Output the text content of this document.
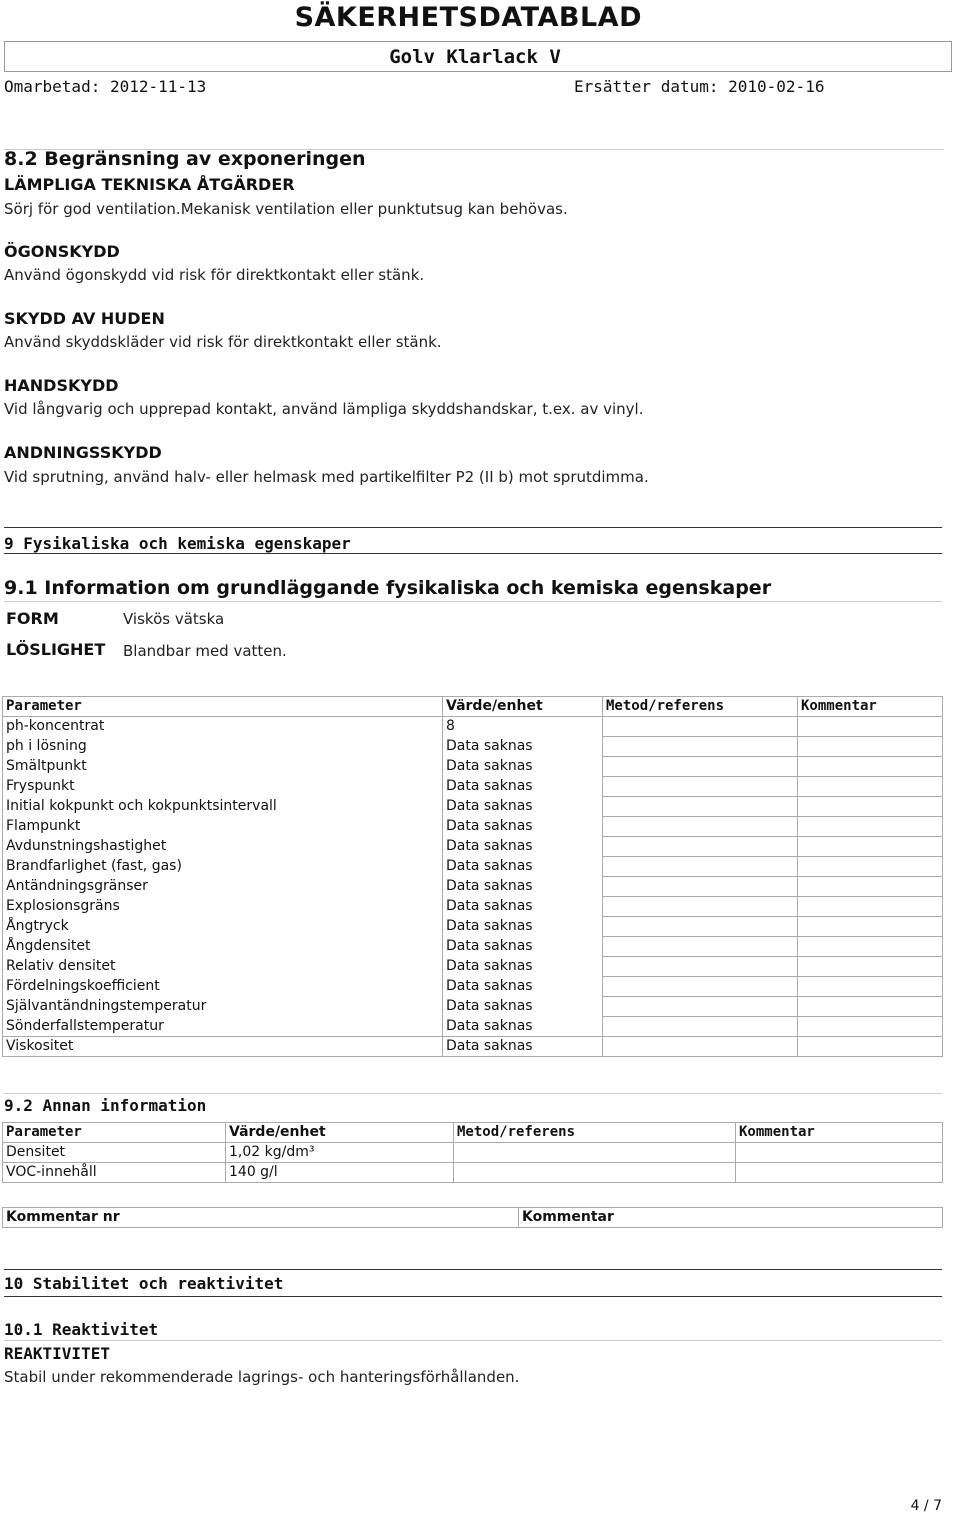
SÄKERHETSDATABLAD
Golv Klarlack V
Omarbetad: 2012-11-13	Ersätter datum: 2010-02-16
8.2 Begränsning av exponeringen
LÄMPLIGA TEKNISKA ÅTGÄRDER
Sörj för god ventilation.Mekanisk ventilation eller punktutsug kan behövas.
ÖGONSKYDD
Använd ögonskydd vid risk för direktkontakt eller stänk.
SKYDD AV HUDEN
Använd skyddskläder vid risk för direktkontakt eller stänk.
HANDSKYDD
Vid långvarig och upprepad kontakt, använd lämpliga skyddshandskar, t.ex. av vinyl.
ANDNINGSSKYDD
Vid sprutning, använd halv- eller helmask med partikelfilter P2 (II b) mot sprutdimma.
9 Fysikaliska och kemiska egenskaper
9.1 Information om grundläggande fysikaliska och kemiska egenskaper
FORM	Viskös vätska
LÖSLIGHET Blandbar med vatten.
Parameter	Värde/enhet	Metod/referens	Kommentar
ph-koncentrat	8		
ph i lösning	Data saknas		
Smältpunkt	Data saknas		
Fryspunkt	Data saknas		
Initial kokpunkt och kokpunktsintervall	Data saknas		
Flampunkt	Data saknas		
Avdunstningshastighet	Data saknas		
Brandfarlighet (fast, gas)	Data saknas		
Antändningsgränser	Data saknas		
Explosionsgräns	Data saknas		
Ångtryck	Data saknas		
Ångdensitet	Data saknas		
Relativ densitet	Data saknas		
Fördelningskoefficient	Data saknas		
Självantändningstemperatur	Data saknas		
Sönderfallstemperatur	Data saknas		
Viskositet	Data saknas		
9.2 Annan information
Parameter	Värde/enhet	Metod/referens	Kommentar
Densitet	1,02 kg/dm³		
VOC-innehåll	140 g/l		
Kommentar nr	Kommentar
10 Stabilitet och reaktivitet
10.1 Reaktivitet
REAKTIVITET
Stabil under rekommenderade lagrings- och hanteringsförhållanden.
4 / 7
